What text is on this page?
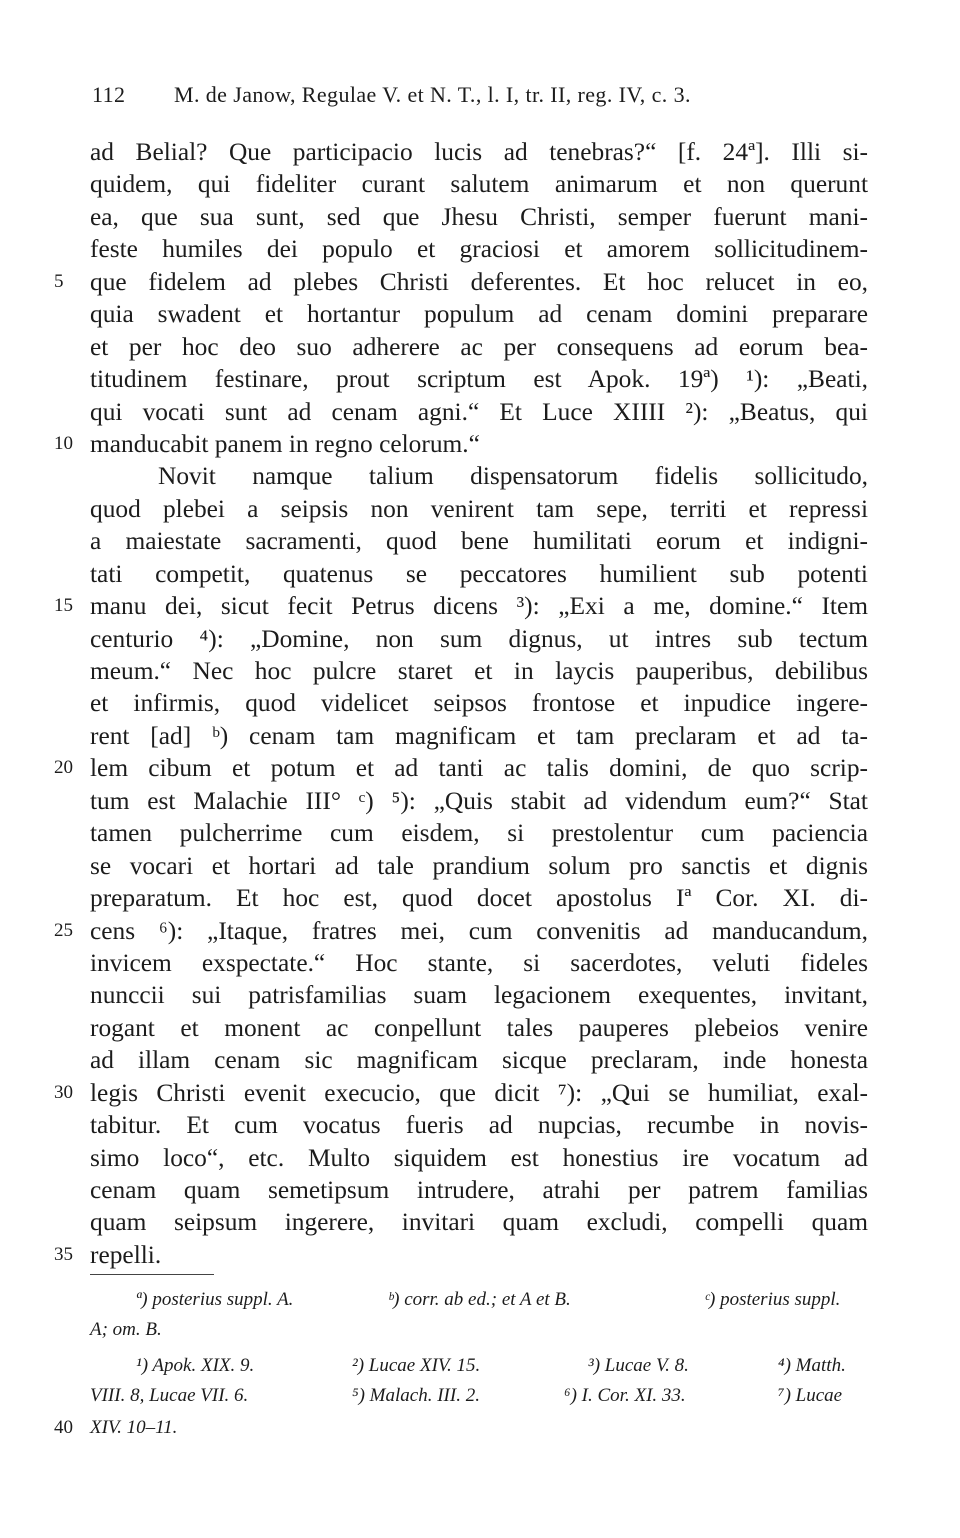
112 M. de Janow, Regulae V. et N. T., l. I, tr. II, reg. IV, c. 3.
ad Belial? Que participacio lucis ad tenebras?“ [f. 24ª]. Illi si-
quidem, qui fideliter curant salutem animarum et non querunt
ea, que sua sunt, sed que Jhesu Christi, semper fuerunt mani-
feste humiles dei populo et graciosi et amorem sollicitudinem-
5	que fidelem ad plebes Christi deferentes. Et hoc relucet in eo,
quia swadent et hortantur populum ad cenam domini preparare
et per hoc deo suo adherere ac per consequens ad eorum bea-
titudinem festinare, prout scriptum est Apok. 19ª) ¹): „Beati,
qui vocati sunt ad cenam agni.“ Et Luce XIIII ²): „Beatus, qui
10 manducabit panem in regno celorum.“
Novit namque talium dispensatorum fidelis sollicitudo,
quod plebei a seipsis non venirent tam sepe, territi et repressi
a maiestate sacramenti, quod bene humilitati eorum et indigni-
tati competit, quatenus se peccatores humilient sub potenti
15 manu dei, sicut fecit Petrus dicens ³): „Exi a me, domine.“ Item
centurio ⁴): „Domine, non sum dignus, ut intres sub tectum
meum.“ Nec hoc pulcre staret et in laycis pauperibus, debilibus
et infirmis, quod videlicet seipsos frontose et inpudice ingere-
rent [ad] ᵇ) cenam tam magnificam et tam preclaram et ad ta-
20 lem cibum et potum et ad tanti ac talis domini, de quo scrip-
tum est Malachie III° ᶜ) ⁵): „Quis stabit ad videndum eum?“ Stat
tamen pulcherrime cum eisdem, si prestolentur cum paciencia
se vocari et hortari ad tale prandium solum pro sanctis et dignis
preparatum. Et hoc est, quod docet apostolus Iª Cor. XI. di-
25 cens ⁶): „Itaque, fratres mei, cum convenitis ad manducandum,
invicem exspectate.“ Hoc stante, si sacerdotes, veluti fideles
nunccii sui patrisfamilias suam legacionem exequentes, invitant,
rogant et monent ac conpellunt tales pauperes plebeios venire
ad illam cenam sic magnificam sicque preclaram, inde honesta
30 legis Christi evenit execucio, que dicit ⁷): „Qui se humiliat, exal-
tabitur. Et cum vocatus fueris ad nupcias, recumbe in novis-
simo loco“, etc. Multo siquidem est honestius ire vocatum ad
cenam quam semetipsum intrudere, atrahi per patrem familias
quam seipsum ingerere, invitari quam excludi, compelli quam
35 repelli.
ª) posterius suppl. A.	ᵇ) corr. ab ed.; et A et B.	ᶜ) posterius suppl.
A; om. B.
¹) Apok. XIX. 9.	²) Lucae XIV. 15.	³) Lucae V. 8.	⁴) Matth.
VIII. 8, Lucae VII. 6.	⁵) Malach. III. 2.	⁶) I. Cor. XI. 33.	⁷) Lucae
40 XIV. 10–11.
